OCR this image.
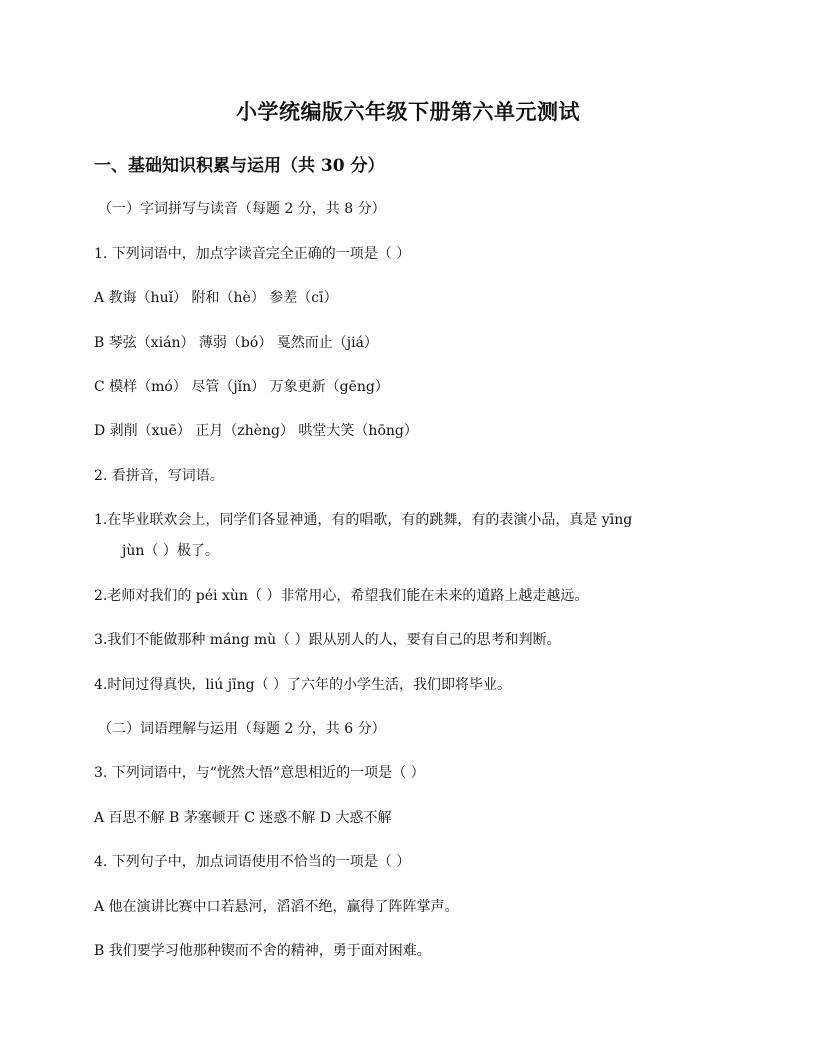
小学统编版六年级下册第六单元测试
一、基础知识积累与运用（共 30 分）

（一）字词拼写与读音（每题 2 分，共 8 分）

1. 下列词语中，加点字读音完全正确的一项是（ ）

A 教诲（huǐ） 附和（hè） 参差（cī）

B 琴弦（xián） 薄弱（bó） 戛然而止（jiá）

C 模样（mó） 尽管（jǐn） 万象更新（gēng）

D 剥削（xuē） 正月（zhèng） 哄堂大笑（hōng）

2. 看拼音，写词语。

1.在毕业联欢会上，同学们各显神通，有的唱歌，有的跳舞，有的表演小品，真是 yīng
jùn（ ）极了。

2.老师对我们的 péi xùn（ ）非常用心，希望我们能在未来的道路上越走越远。

3.我们不能做那种 máng mù（ ）跟从别人的人，要有自己的思考和判断。

4.时间过得真快，liú jīng（ ）了六年的小学生活，我们即将毕业。

（二）词语理解与运用（每题 2 分，共 6 分）

3. 下列词语中，与“恍然大悟”意思相近的一项是（ ）

A 百思不解 B 茅塞顿开 C 迷惑不解 D 大惑不解

4. 下列句子中，加点词语使用不恰当的一项是（ ）

A 他在演讲比赛中口若悬河，滔滔不绝，赢得了阵阵掌声。

B 我们要学习他那种锲而不舍的精神，勇于面对困难。
